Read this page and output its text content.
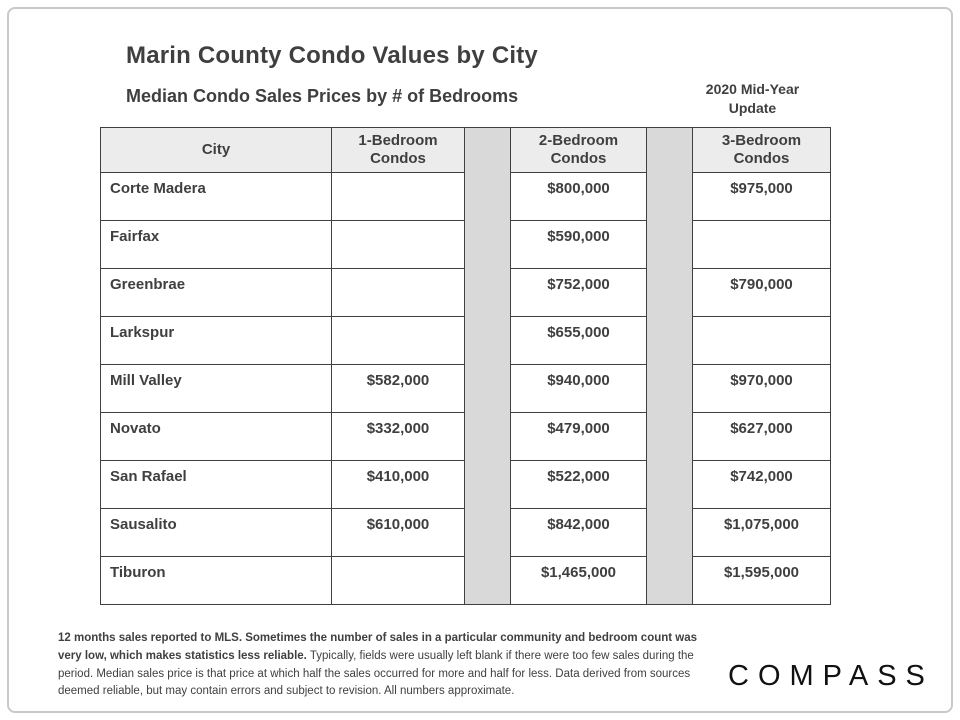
Marin County Condo Values by City
Median Condo Sales Prices by # of Bedrooms	2020 Mid-Year Update
City	1-Bedroom Condos		2-Bedroom Condos		3-Bedroom Condos
Corte Madera			$800,000		$975,000
Fairfax			$590,000		
Greenbrae			$752,000		$790,000
Larkspur			$655,000		
Mill Valley	$582,000		$940,000		$970,000
Novato	$332,000		$479,000		$627,000
San Rafael	$410,000		$522,000		$742,000
Sausalito	$610,000		$842,000		$1,075,000
Tiburon			$1,465,000		$1,595,000
12 months sales reported to MLS. Sometimes the number of sales in a particular community and bedroom count was very low, which makes statistics less reliable. Typically, fields were usually left blank if there were too few sales during the period. Median sales price is that price at which half the sales occurred for more and half for less. Data derived from sources deemed reliable, but may contain errors and subject to revision. All numbers approximate.	COMPASS
